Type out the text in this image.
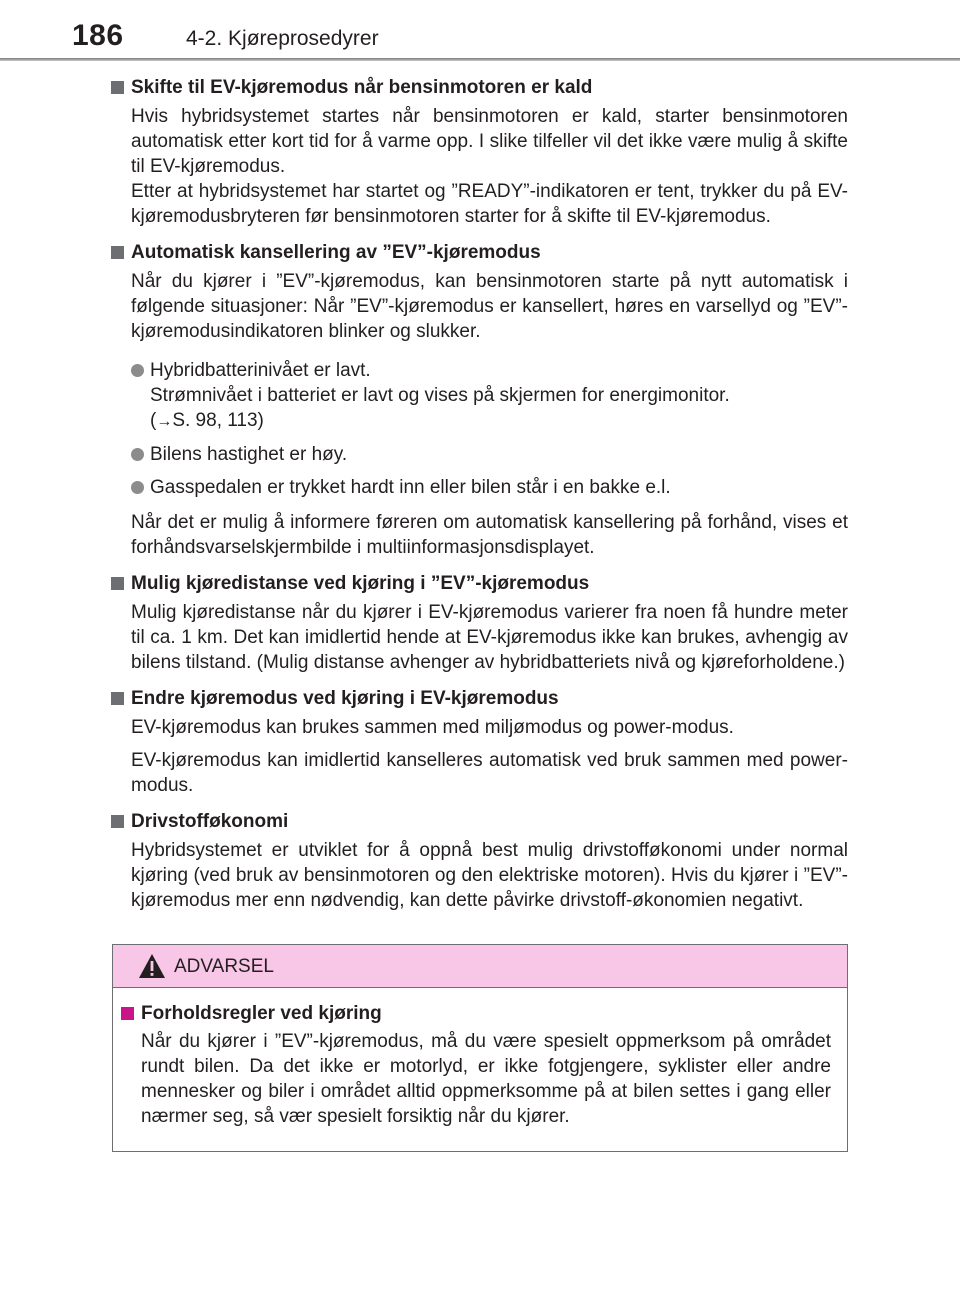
186	4-2. Kjøreprosedyrer
Skifte til EV-kjøremodus når bensinmotoren er kald
Hvis hybridsystemet startes når bensinmotoren er kald, starter bensinmotoren automatisk etter kort tid for å varme opp. I slike tilfeller vil det ikke være mulig å skifte til EV-kjøremodus.
Etter at hybridsystemet har startet og ”READY”-indikatoren er tent, trykker du på EV-kjøremodusbryteren før bensinmotoren starter for å skifte til EV-kjøremodus.
Automatisk kansellering av ”EV”-kjøremodus
Når du kjører i ”EV”-kjøremodus, kan bensinmotoren starte på nytt automatisk i følgende situasjoner: Når ”EV”-kjøremodus er kansellert, høres en varsellyd og ”EV”-kjøremodusindikatoren blinker og slukker.
Hybridbatterinivået er lavt.
Strømnivået i batteriet er lavt og vises på skjermen for energimonitor.
(→S. 98, 113)
Bilens hastighet er høy.
Gasspedalen er trykket hardt inn eller bilen står i en bakke e.l.
Når det er mulig å informere føreren om automatisk kansellering på forhånd, vises et forhåndsvarselskjermbilde i multiinformasjonsdisplayet.
Mulig kjøredistanse ved kjøring i ”EV”-kjøremodus
Mulig kjøredistanse når du kjører i EV-kjøremodus varierer fra noen få hundre meter til ca. 1 km. Det kan imidlertid hende at EV-kjøremodus ikke kan brukes, avhengig av bilens tilstand. (Mulig distanse avhenger av hybridbatteriets nivå og kjøreforholdene.)
Endre kjøremodus ved kjøring i EV-kjøremodus
EV-kjøremodus kan brukes sammen med miljømodus og power-modus.
EV-kjøremodus kan imidlertid kanselleres automatisk ved bruk sammen med power-modus.
Drivstofføkonomi
Hybridsystemet er utviklet for å oppnå best mulig drivstofføkonomi under normal kjøring (ved bruk av bensinmotoren og den elektriske motoren). Hvis du kjører i ”EV”-kjøremodus mer enn nødvendig, kan dette påvirke drivstoff-økonomien negativt.
ADVARSEL
Forholdsregler ved kjøring
Når du kjører i ”EV”-kjøremodus, må du være spesielt oppmerksom på området rundt bilen. Da det ikke er motorlyd, er ikke fotgjengere, syklister eller andre mennesker og biler i området alltid oppmerksomme på at bilen settes i gang eller nærmer seg, så vær spesielt forsiktig når du kjører.
